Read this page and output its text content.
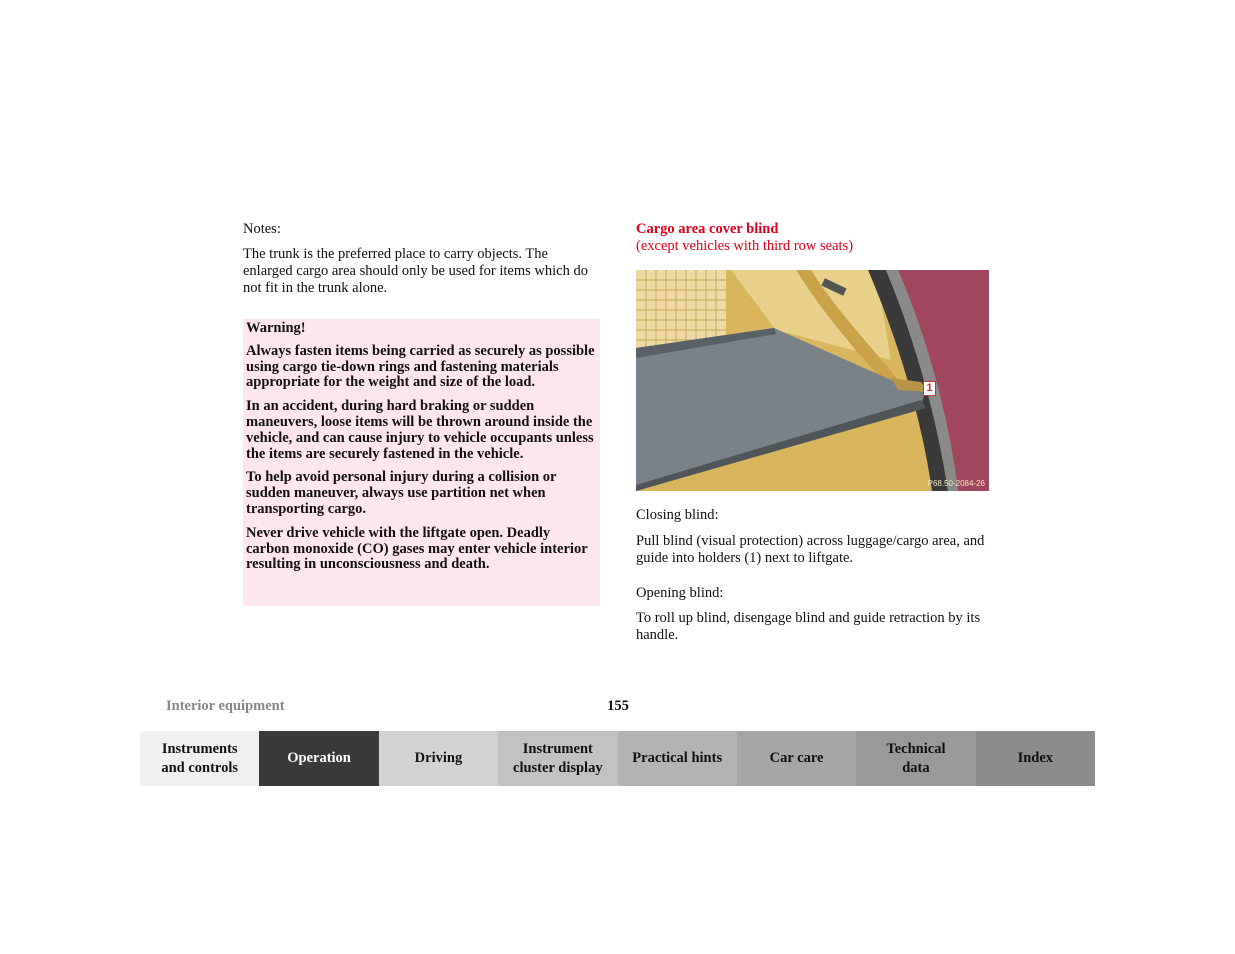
Notes:

The trunk is the preferred place to carry objects. The enlarged cargo area should only be used for items which do not fit in the trunk alone.

Warning!

Always fasten items being carried as securely as possible using cargo tie-down rings and fastening materials appropriate for the weight and size of the load.

In an accident, during hard braking or sudden maneuvers, loose items will be thrown around inside the vehicle, and can cause injury to vehicle occupants unless the items are securely fastened in the vehicle.

To help avoid personal injury during a collision or sudden maneuver, always use partition net when transporting cargo.

Never drive vehicle with the liftgate open. Deadly carbon monoxide (CO) gases may enter vehicle interior resulting in unconsciousness and death.

Cargo area cover blind

(except vehicles with third row seats)

1
P68.50-2084-26

Closing blind:

Pull blind (visual protection) across luggage/cargo area, and guide into holders (1) next to liftgate.

Opening blind:

To roll up blind, disengage blind and guide retraction by its handle.

Interior equipment	155
Instruments
and controls
Operation	Driving
Instrument
cluster display
Practical hints	Car care
Technical
data
Index
